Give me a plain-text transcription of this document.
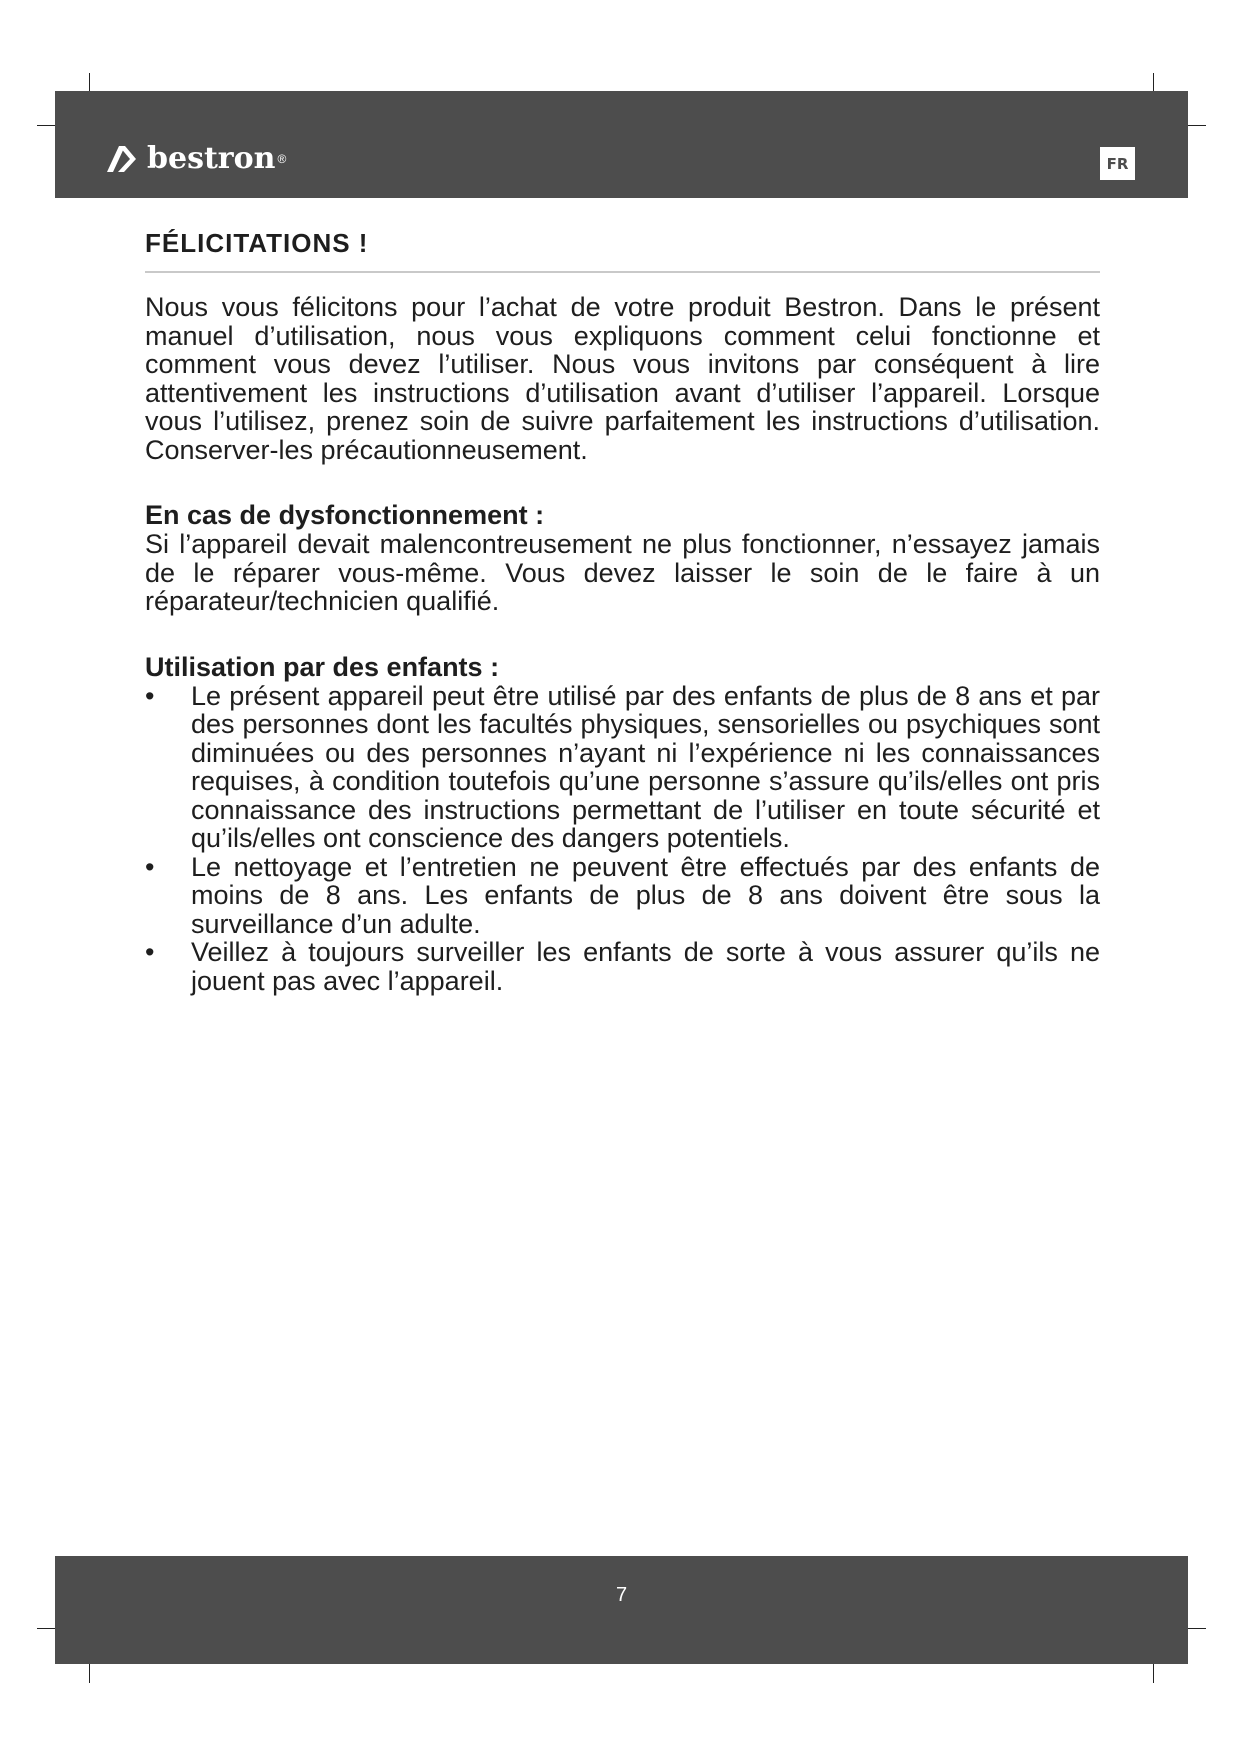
bestron ®	FR
FÉLICITATIONS !

Nous vous félicitons pour l’achat de votre produit Bestron. Dans le présent manuel d’utilisation, nous vous expliquons comment celui fonctionne et comment vous devez l’utiliser. Nous vous invitons par conséquent à lire attentivement les instructions d’utilisation avant d’utiliser l’appareil. Lorsque vous l’utilisez, prenez soin de suivre parfaitement les instructions d’utilisation. Conserver-les précautionneusement.

En cas de dysfonctionnement :

Si l’appareil devait malencontreusement ne plus fonctionner, n’essayez jamais de le réparer vous-même. Vous devez laisser le soin de le faire à un réparateur/technicien qualifié.

Utilisation par des enfants :
• Le présent appareil peut être utilisé par des enfants de plus de 8 ans et par des personnes dont les facultés physiques, sensorielles ou psychiques sont diminuées ou des personnes n’ayant ni l’expérience ni les connaissances requises, à condition toutefois qu’une personne s’assure qu’ils/elles ont pris connaissance des instructions permettant de l’utiliser en toute sécurité et qu’ils/elles ont conscience des dangers potentiels.
• Le nettoyage et l’entretien ne peuvent être effectués par des enfants de moins de 8 ans. Les enfants de plus de 8 ans doivent être sous la surveillance d’un adulte.
• Veillez à toujours surveiller les enfants de sorte à vous assurer qu’ils ne jouent pas avec l’appareil.
7
